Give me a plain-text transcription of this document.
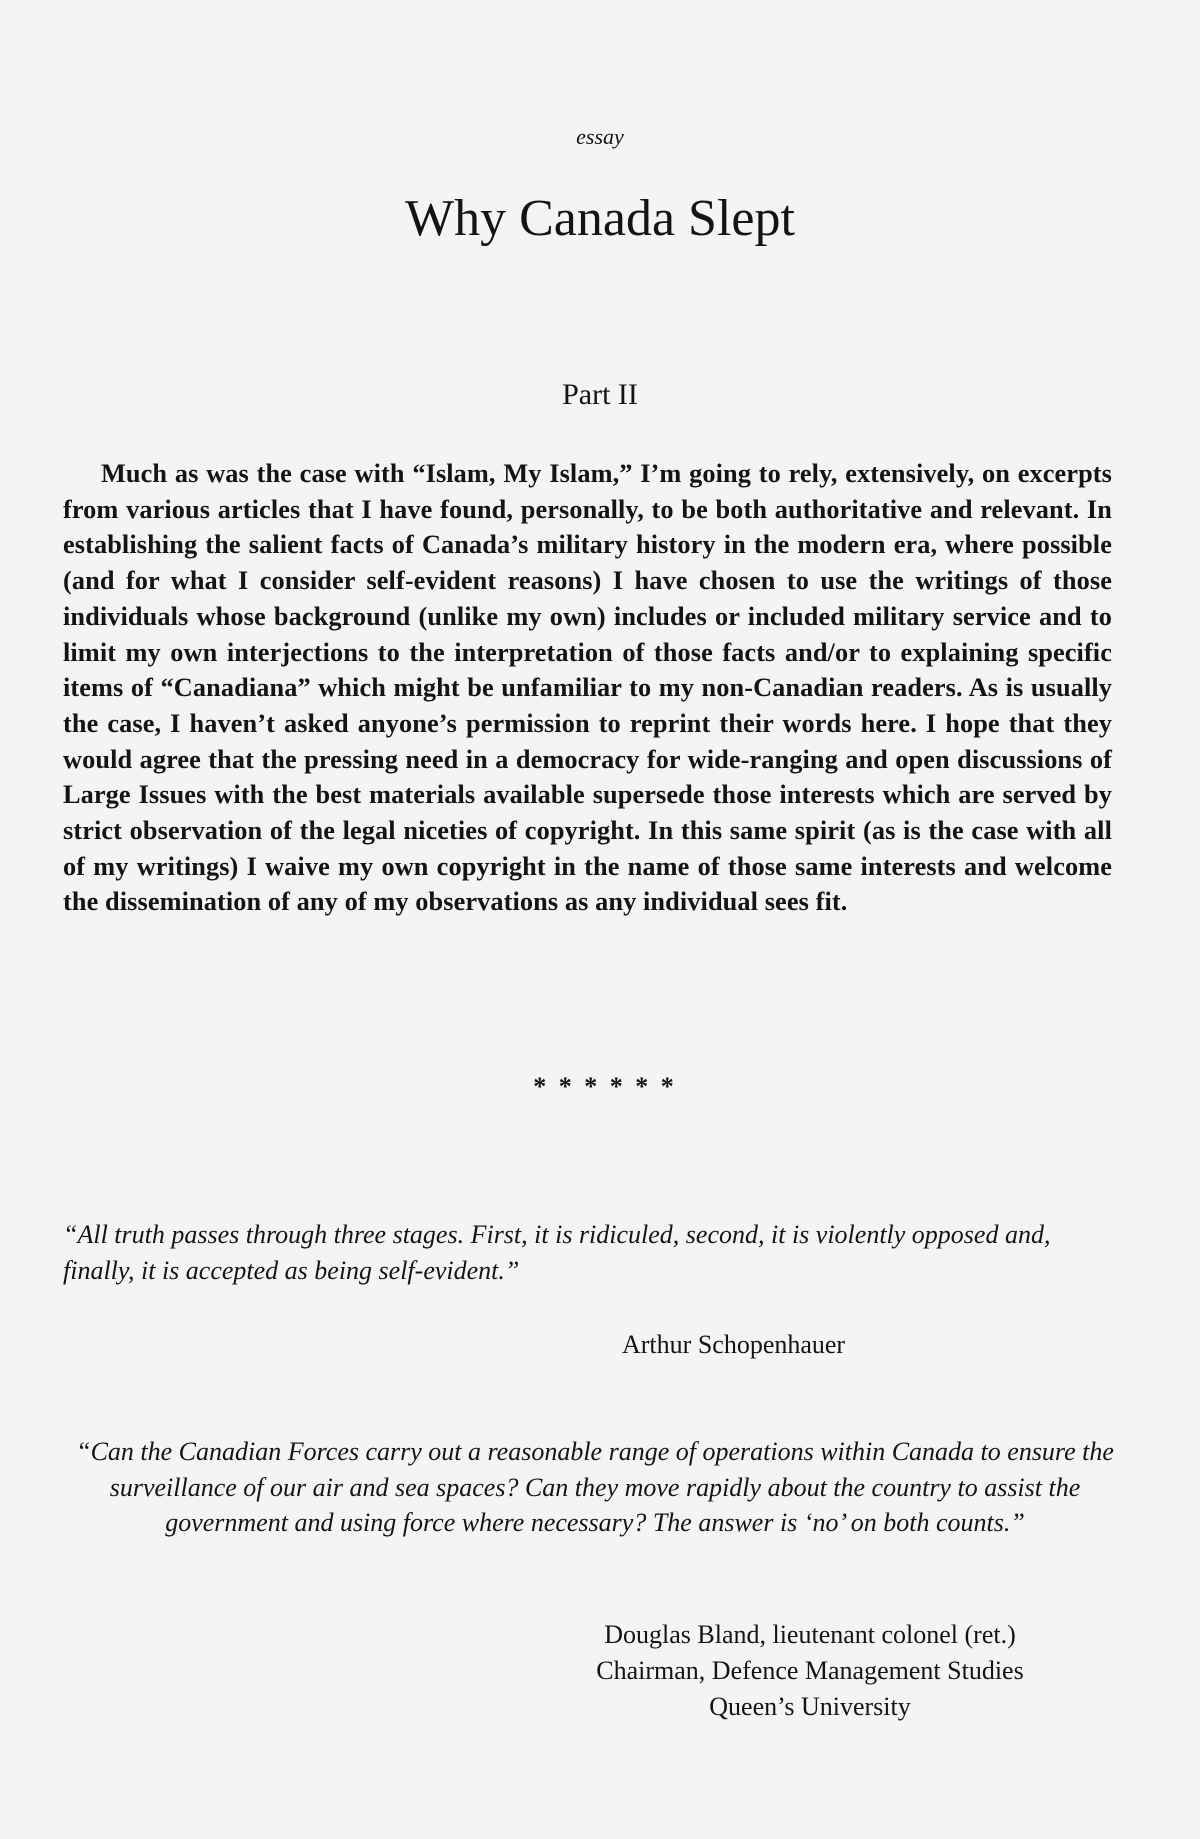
essay
Why Canada Slept
Part II

Much as was the case with “Islam, My Islam,” I’m going to rely, extensively, on excerpts from various articles that I have found, personally, to be both authoritative and relevant. In establishing the salient facts of Canada’s military history in the modern era, where possible (and for what I consider self-evident reasons) I have chosen to use the writings of those individuals whose background (unlike my own) includes or included military service and to limit my own interjections to the interpretation of those facts and/or to explaining specific items of “Canadiana” which might be unfamiliar to my non-Canadian readers. As is usually the case, I haven’t asked anyone’s permission to reprint their words here. I hope that they would agree that the pressing need in a democracy for wide-ranging and open discussions of Large Issues with the best materials available supersede those interests which are served by strict observation of the legal niceties of copyright. In this same spirit (as is the case with all of my writings) I waive my own copyright in the name of those same interests and welcome the dissemination of any of my observations as any individual sees fit.

* * * * * *

“All truth passes through three stages. First, it is ridiculed, second, it is violently opposed and, finally, it is accepted as being self-evident.”

Arthur Schopenhauer

“Can the Canadian Forces carry out a reasonable range of operations within Canada to ensure the surveillance of our air and sea spaces? Can they move rapidly about the country to assist the government and using force where necessary? The answer is ‘no’ on both counts.”

Douglas Bland, lieutenant colonel (ret.)
Chairman, Defence Management Studies
Queen’s University
